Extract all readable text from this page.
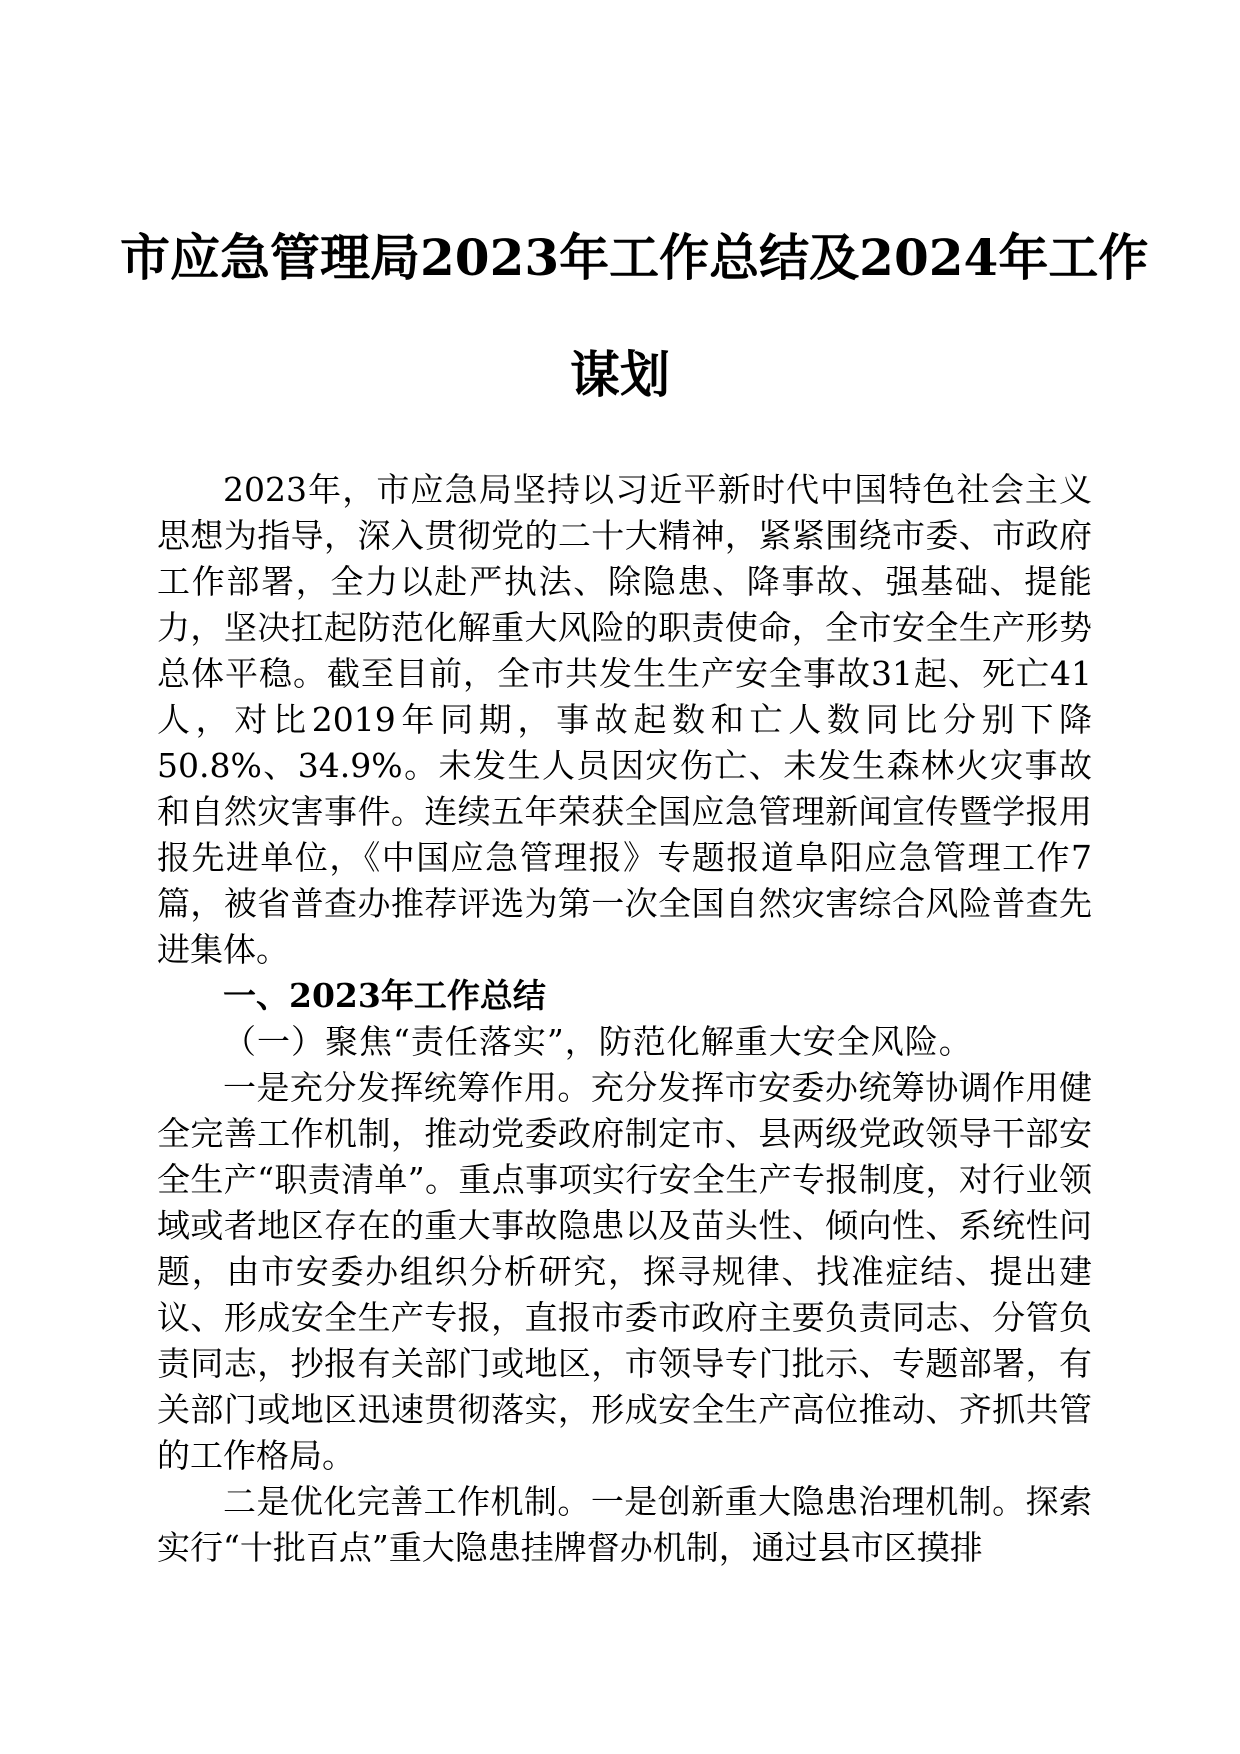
市应急管理局2023年工作总结及2024年工作
谋划

2023年，市应急局坚持以习近平新时代中国特色社会主义思想为指导，深入贯彻党的二十大精神，紧紧围绕市委、市政府工作部署，全力以赴严执法、除隐患、降事故、强基础、提能力，坚决扛起防范化解重大风险的职责使命，全市安全生产形势总体平稳。截至目前，全市共发生生产安全事故31起、死亡41人，对比2019年同期，事故起数和亡人数同比分别下降50.8%、34.9%。未发生人员因灾伤亡、未发生森林火灾事故和自然灾害事件。连续五年荣获全国应急管理新闻宣传暨学报用报先进单位，《中国应急管理报》专题报道阜阳应急管理工作7篇，被省普查办推荐评选为第一次全国自然灾害综合风险普查先进集体。

一、2023年工作总结

（一）聚焦“责任落实”，防范化解重大安全风险。

一是充分发挥统筹作用。充分发挥市安委办统筹协调作用健全完善工作机制，推动党委政府制定市、县两级党政领导干部安全生产“职责清单”。重点事项实行安全生产专报制度，对行业领域或者地区存在的重大事故隐患以及苗头性、倾向性、系统性问题，由市安委办组织分析研究，探寻规律、找准症结、提出建议、形成安全生产专报，直报市委市政府主要负责同志、分管负责同志，抄报有关部门或地区，市领导专门批示、专题部署，有关部门或地区迅速贯彻落实，形成安全生产高位推动、齐抓共管的工作格局。

二是优化完善工作机制。一是创新重大隐患治理机制。探索实行“十批百点”重大隐患挂牌督办机制，通过县市区摸排
